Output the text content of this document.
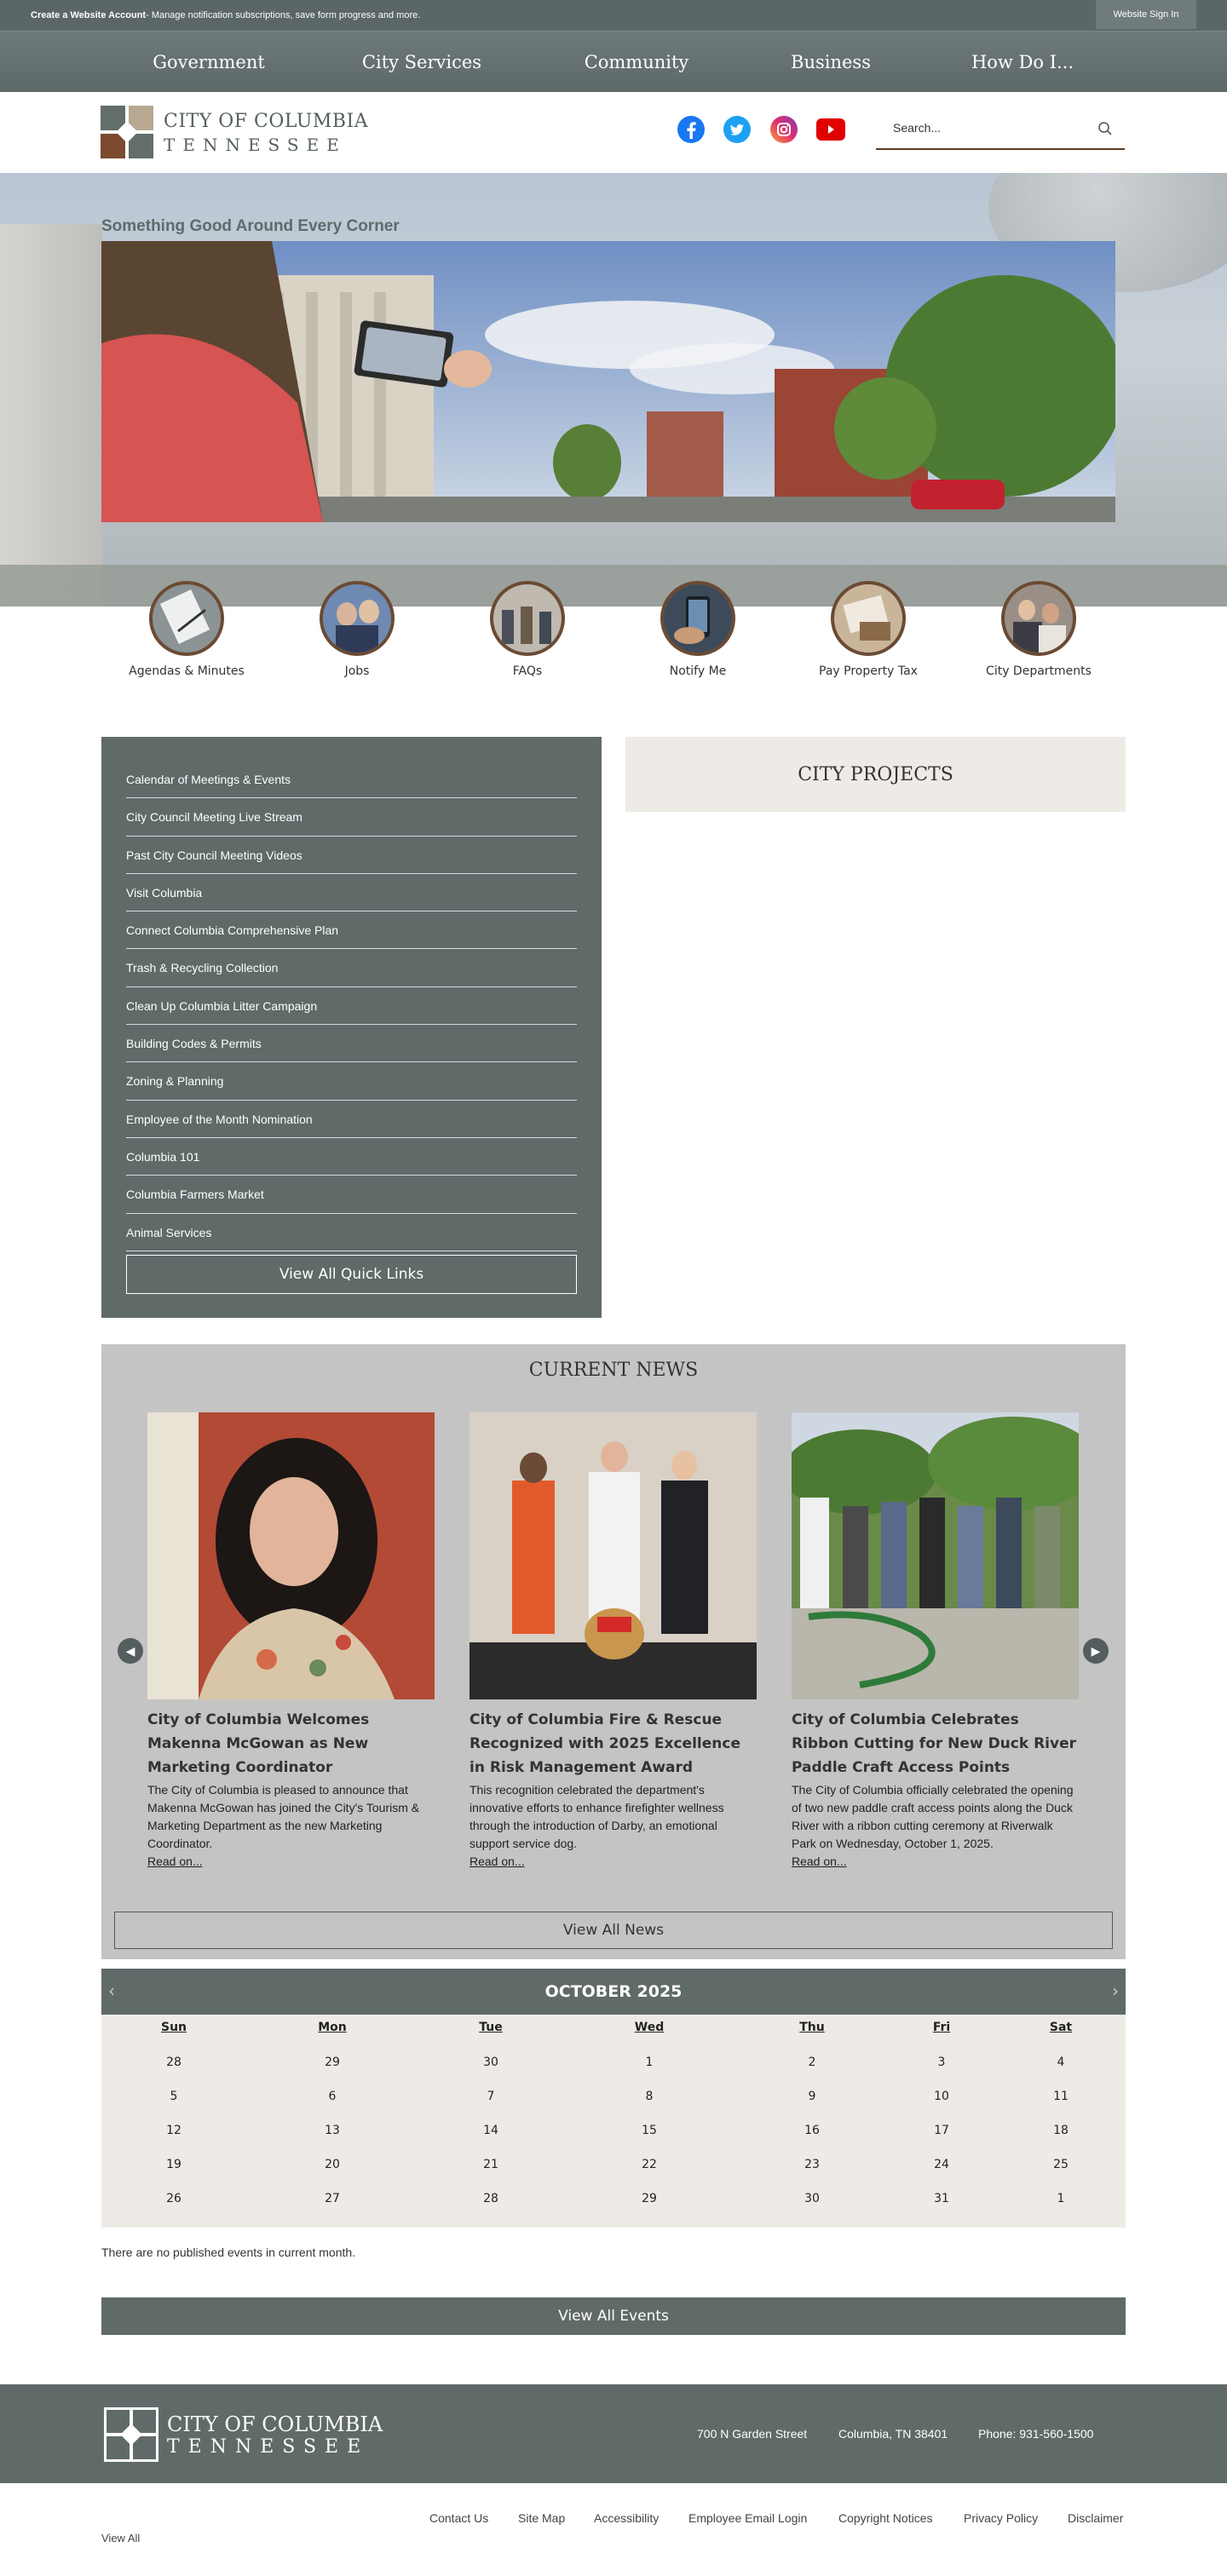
Create a Website Account - Manage notification subscriptions, save form progress and more.	Website Sign In
Government	City Services	Community	Business	How Do I...
CITY OF COLUMBIA
TENNESSEE
Search...
Something Good Around Every Corner
Agendas & Minutes	Jobs	FAQs	Notify Me	Pay Property Tax	City Departments
Calendar of Meetings & Events
City Council Meeting Live Stream
Past City Council Meeting Videos
Visit Columbia
Connect Columbia Comprehensive Plan
Trash & Recycling Collection
Clean Up Columbia Litter Campaign
Building Codes & Permits
Zoning & Planning
Employee of the Month Nomination
Columbia 101
Columbia Farmers Market
Animal Services
View All Quick Links
CITY PROJECTS
CURRENT NEWS
◀	▶
City of Columbia Welcomes Makenna McGowan as New Marketing Coordinator
The City of Columbia is pleased to announce that Makenna McGowan has joined the City's Tourism & Marketing Department as the new Marketing Coordinator.
Read on...
City of Columbia Fire & Rescue Recognized with 2025 Excellence in Risk Management Award
This recognition celebrated the department's innovative efforts to enhance firefighter wellness through the introduction of Darby, an emotional support service dog.
Read on...
City of Columbia Celebrates Ribbon Cutting for New Duck River Paddle Craft Access Points
The City of Columbia officially celebrated the opening of two new paddle craft access points along the Duck River with a ribbon cutting ceremony at Riverwalk Park on Wednesday, October 1, 2025.
Read on...
View All News
OCTOBER 2025
‹	›
Sun	Mon	Tue	Wed	Thu	Fri	Sat
28	29	30	1	2	3	4
5	6	7	8	9	10	11
12	13	14	15	16	17	18
19	20	21	22	23	24	25
26	27	28	29	30	31	1
There are no published events in current month.
View All Events
CITY OF COLUMBIA
TENNESSEE
700 N Garden Street	Columbia, TN 38401	Phone: 931-560-1500
Contact Us Site Map Accessibility Employee Email Login	Copyright Notices	Privacy Policy Disclaimer
View All
